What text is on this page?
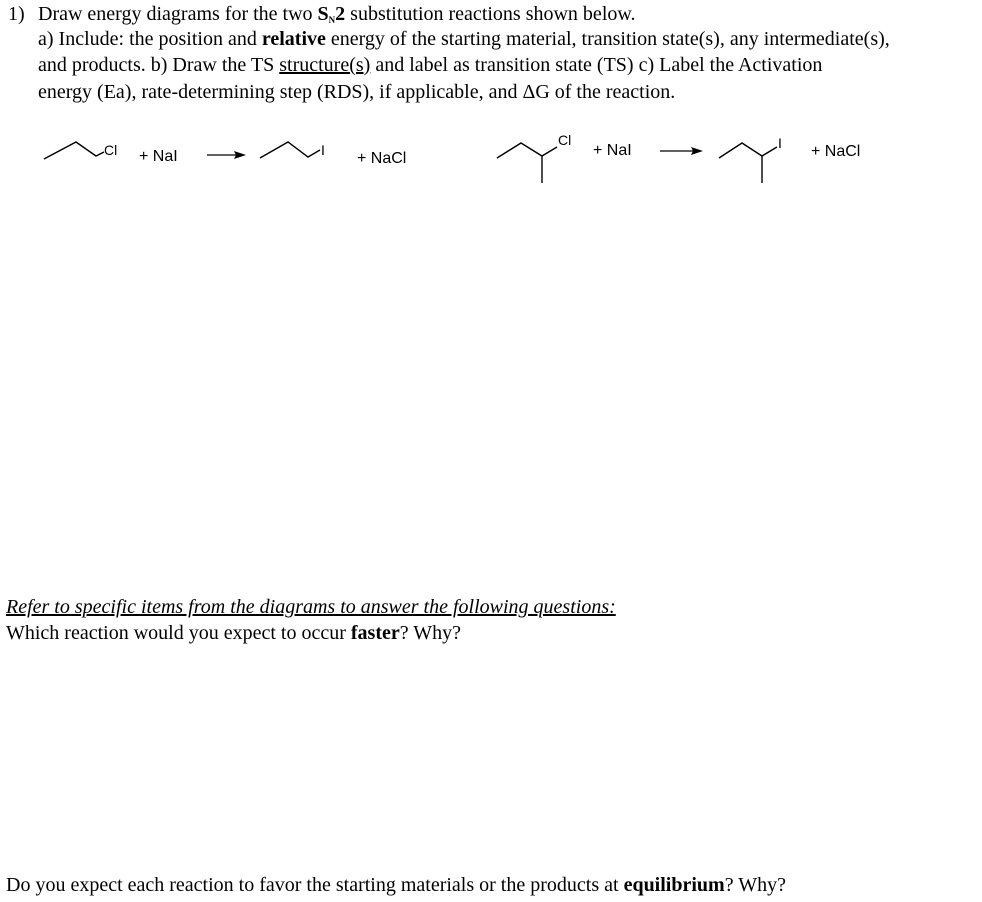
1) Draw energy diagrams for the two SN2 substitution reactions shown below.
a) Include: the position and relative energy of the starting material, transition state(s), any intermediate(s),
and products. b) Draw the TS structure(s) and label as transition state (TS) c) Label the Activation
energy (Ea), rate-determining step (RDS), if applicable, and ΔG of the reaction.
Cl + NaI	I + NaCl
Cl
+ NaI	I + NaCl
Refer to specific items from the diagrams to answer the following questions:
Which reaction would you expect to occur faster? Why?
Do you expect each reaction to favor the starting materials or the products at equilibrium? Why?
